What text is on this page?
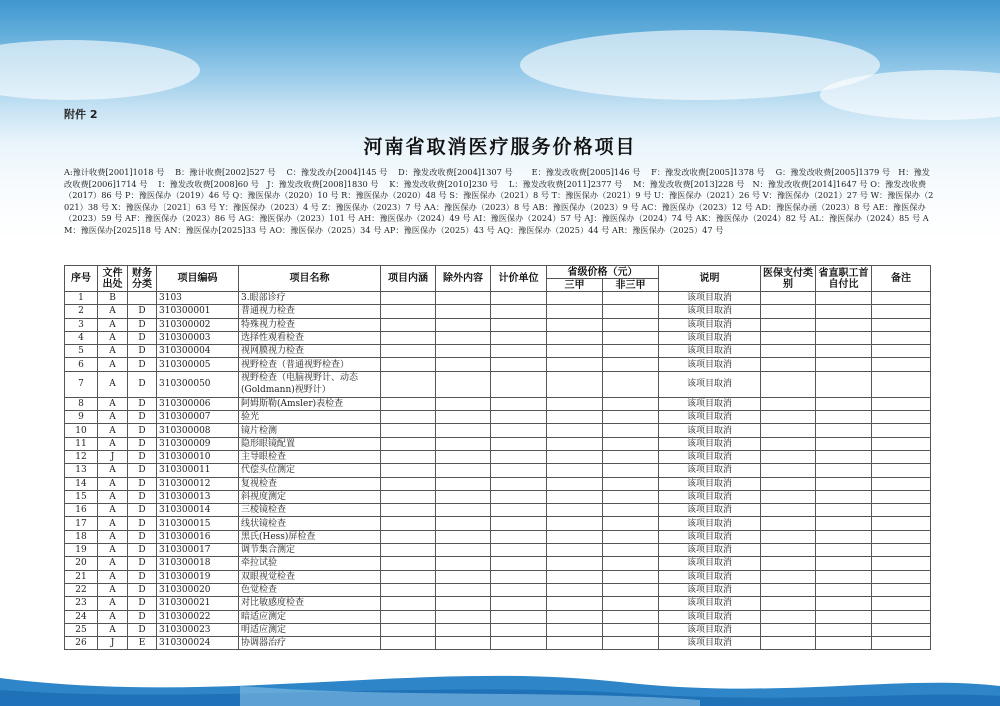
附件 2
河南省取消医疗服务价格项目
A:豫计收费[2001]1018 号　 B：豫计收费[2002]527 号　 C：豫发改办[2004]145 号　 D：豫发改收费[2004]1307 号　　 E：豫发改收费[2005]146 号　 F：豫发改收费[2005]1378 号　 G：豫发改收费[2005]1379 号　H：豫发改收费[2006]1714 号　 I：豫发改收费[2008]60 号　J：豫发改收费[2008]1830 号　 K：豫发改收费[2010]230 号　 L：豫发改收费[2011]2377 号　 M：豫发改收费[2013]228 号　N：豫发改收费[2014]1647 号 O：豫发改收费 （2017）86 号 P：豫医保办（2019）46 号 Q：豫医保办（2020）10 号 R：豫医保办（2020）48 号 S：豫医保办（2021）8 号 T：豫医保办（2021）9 号 U：豫医保办（2021）26 号 V：豫医保办（2021）27 号 W：豫医保办（2021）38 号 X：豫医保办〔2021〕63 号 Y：豫医保办（2023）4 号 Z：豫医保办（2023）7 号 AA：豫医保办（2023）8 号 AB：豫医保办（2023）9 号 AC：豫医保办（2023）12 号 AD：豫医保办函（2023）8 号 AE：豫医保办（2023）59 号 AF：豫医保办（2023）86 号 AG：豫医保办（2023）101 号 AH：豫医保办（2024）49 号 AI：豫医保办（2024）57 号 AJ：豫医保办（2024）74 号 AK：豫医保办（2024）82 号 AL：豫医保办（2024）85 号 AM：豫医保办[2025]18 号 AN：豫医保办[2025]33 号 AO：豫医保办（2025）34 号 AP：豫医保办（2025）43 号 AQ：豫医保办（2025）44 号 AR：豫医保办（2025）47 号
序号	文件出处	财务分类	项目编码	项目名称	项目内涵	除外内容	计价单位	省级价格（元）		说明	医保支付类别	省直职工首自付比	备注
								三甲	非三甲				
1	B		3103	3.眼部诊疗						该项目取消			
2	A	D	310300001	普通视力检查						该项目取消			
3	A	D	310300002	特殊视力检查						该项目取消			
4	A	D	310300003	选择性观看检查						该项目取消			
5	A	D	310300004	视网膜视力检查						该项目取消			
6	A	D	310300005	视野检查（普通视野检查）						该项目取消			
7	A	D	310300050	视野检查（电脑视野计、动态(Goldmann)视野计）						该项目取消			
8	A	D	310300006	阿姆斯勒(Amsler)表检查						该项目取消			
9	A	D	310300007	验光						该项目取消			
10	A	D	310300008	镜片检测						该项目取消			
11	A	D	310300009	隐形眼镜配置						该项目取消			
12	J	D	310300010	主导眼检查						该项目取消			
13	A	D	310300011	代偿头位测定						该项目取消			
14	A	D	310300012	复视检查						该项目取消			
15	A	D	310300013	斜视度测定						该项目取消			
16	A	D	310300014	三棱镜检查						该项目取消			
17	A	D	310300015	线状镜检查						该项目取消			
18	A	D	310300016	黑氏(Hess)屏检查						该项目取消			
19	A	D	310300017	调节集合测定						该项目取消			
20	A	D	310300018	牵拉试验						该项目取消			
21	A	D	310300019	双眼视觉检查						该项目取消			
22	A	D	310300020	色觉检查						该项目取消			
23	A	D	310300021	对比敏感度检查						该项目取消			
24	A	D	310300022	暗适应测定						该项目取消			
25	A	D	310300023	明适应测定						该项目取消			
26	J	E	310300024	协调器治疗						该项目取消			
